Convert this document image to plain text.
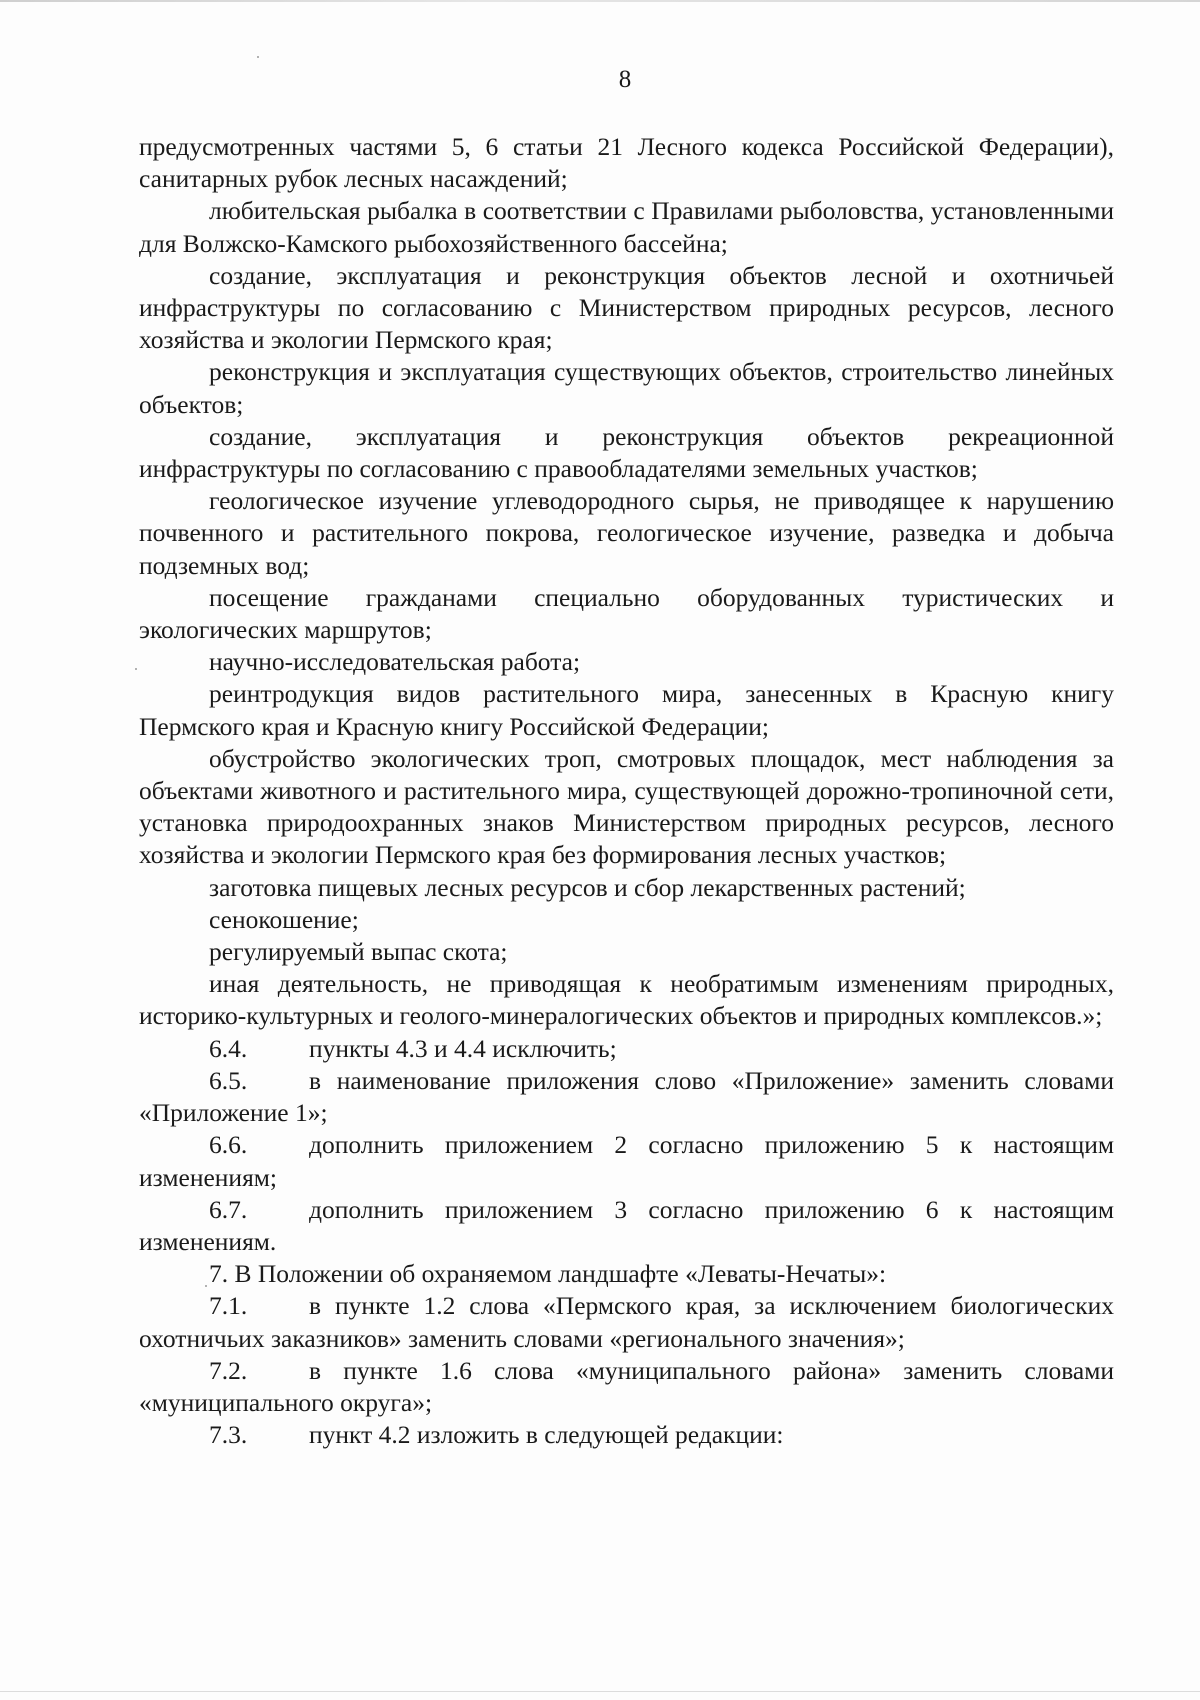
8

предусмотренных частями 5, 6 статьи 21 Лесного кодекса Российской Федерации), санитарных рубок лесных насаждений;

любительская рыбалка в соответствии с Правилами рыболовства, установленными для Волжско-Камского рыбохозяйственного бассейна;

создание, эксплуатация и реконструкция объектов лесной и охотничьей инфраструктуры по согласованию с Министерством природных ресурсов, лесного хозяйства и экологии Пермского края;

реконструкция и эксплуатация существующих объектов, строительство линейных объектов;

создание, эксплуатация и реконструкция объектов рекреационной инфраструктуры по согласованию с правообладателями земельных участков;

геологическое изучение углеводородного сырья, не приводящее к нарушению почвенного и растительного покрова, геологическое изучение, разведка и добыча подземных вод;

посещение гражданами специально оборудованных туристических и экологических маршрутов;

научно-исследовательская работа;

реинтродукция видов растительного мира, занесенных в Красную книгу Пермского края и Красную книгу Российской Федерации;

обустройство экологических троп, смотровых площадок, мест наблюдения за объектами животного и растительного мира, существующей дорожно-тропиночной сети, установка природоохранных знаков Министерством природных ресурсов, лесного хозяйства и экологии Пермского края без формирования лесных участков;

заготовка пищевых лесных ресурсов и сбор лекарственных растений;

сенокошение;

регулируемый выпас скота;

иная деятельность, не приводящая к необратимым изменениям природных, историко-культурных и геолого-минералогических объектов и природных комплексов.»;

6.4. пункты 4.3 и 4.4 исключить;

6.5. в наименование приложения слово «Приложение» заменить словами «Приложение 1»;

6.6. дополнить приложением 2 согласно приложению 5 к настоящим изменениям;

6.7. дополнить приложением 3 согласно приложению 6 к настоящим изменениям.

7. В Положении об охраняемом ландшафте «Леваты-Нечаты»:

7.1. в пункте 1.2 слова «Пермского края, за исключением биологических охотничьих заказников» заменить словами «регионального значения»;

7.2. в пункте 1.6 слова «муниципального района» заменить словами «муниципального округа»;

7.3. пункт 4.2 изложить в следующей редакции:
